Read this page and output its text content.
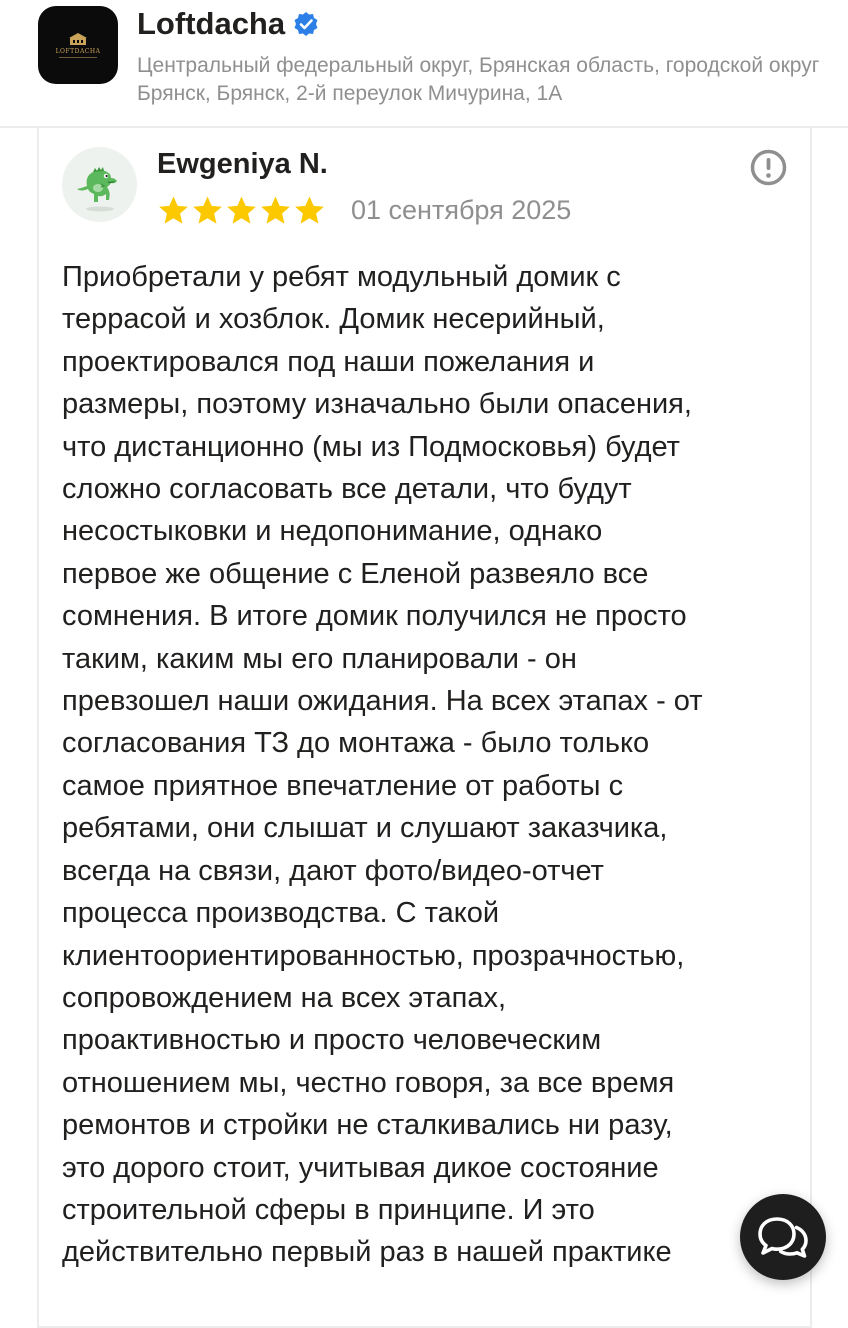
LOFTDACHA
Loftdacha
Центральный федеральный округ, Брянская область, городской округ Брянск, Брянск, 2-й переулок Мичурина, 1А
Ewgeniya N.
01 сентября 2025
Приобретали у ребят модульный домик с
террасой и хозблок. Домик несерийный,
проектировался под наши пожелания и
размеры, поэтому изначально были опасения,
что дистанционно (мы из Подмосковья) будет
сложно согласовать все детали, что будут
несостыковки и недопонимание, однако
первое же общение с Еленой развеяло все
сомнения. В итоге домик получился не просто
таким, каким мы его планировали - он
превзошел наши ожидания. На всех этапах - от
согласования ТЗ до монтажа - было только
самое приятное впечатление от работы с
ребятами, они слышат и слушают заказчика,
всегда на связи, дают фото/видео-отчет
процесса производства. С такой
клиентоориентированностью, прозрачностью,
сопровождением на всех этапах,
проактивностью и просто человеческим
отношением мы, честно говоря, за все время
ремонтов и стройки не сталкивались ни разу,
это дорого стоит, учитывая дикое состояние
строительной сферы в принципе. И это
действительно первый раз в нашей практике
